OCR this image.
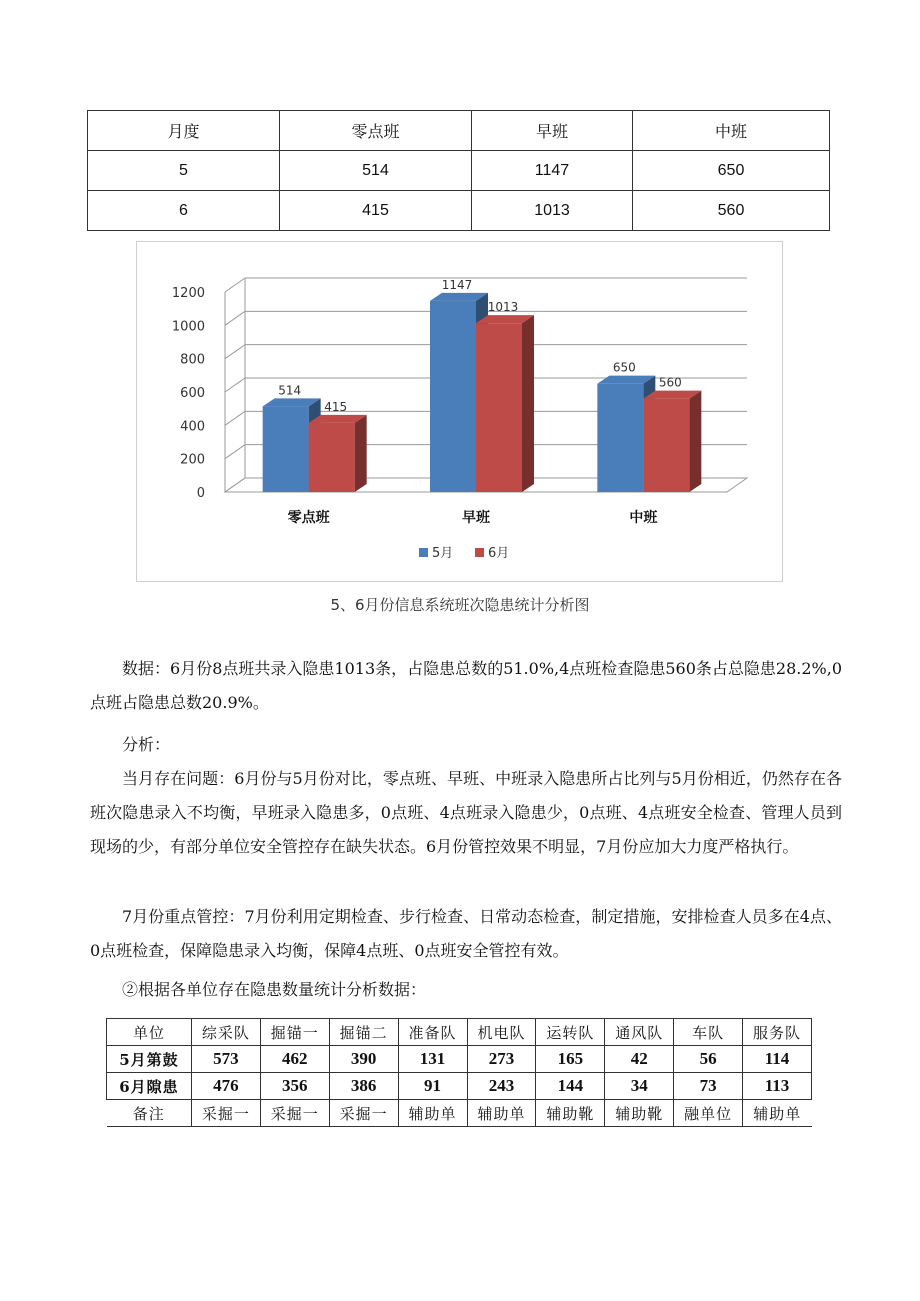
月度	零点班	早班	中班
5	514	1147	650
6	415	1013	560
0
200
400
600
800
1000
1200
514
415
零点班
1147
1013
早班
650
560
中班
5月	6月
5、6月份信息系统班次隐患统计分析图
数据：6月份8点班共录入隐患1013条，占隐患总数的51.0%,4点班检查隐患560条占总隐患28.2%,0点班占隐患总数20.9%。
分析：
当月存在问题：6月份与5月份对比，零点班、早班、中班录入隐患所占比列与5月份相近，仍然存在各班次隐患录入不均衡，早班录入隐患多，0点班、4点班录入隐患少，0点班、4点班安全检查、管理人员到现场的少，有部分单位安全管控存在缺失状态。6月份管控效果不明显，7月份应加大力度严格执行。
7月份重点管控：7月份利用定期检查、步行检查、日常动态检查，制定措施，安排检查人员多在4点、0点班检查，保障隐患录入均衡，保障4点班、0点班安全管控有效。
②根据各单位存在隐患数量统计分析数据：
单位	综采队	掘锚一	掘锚二	准备队	机电队	运转队	通风队	车队	服务队
5月第鼓	573	462	390	131	273	165	42	56	114
6月隙患	476	356	386	91	243	144	34	73	113
备注	采掘一	采掘一	采掘一	辅助单	辅助单	辅助靴	辅助靴	融单位	辅助单
